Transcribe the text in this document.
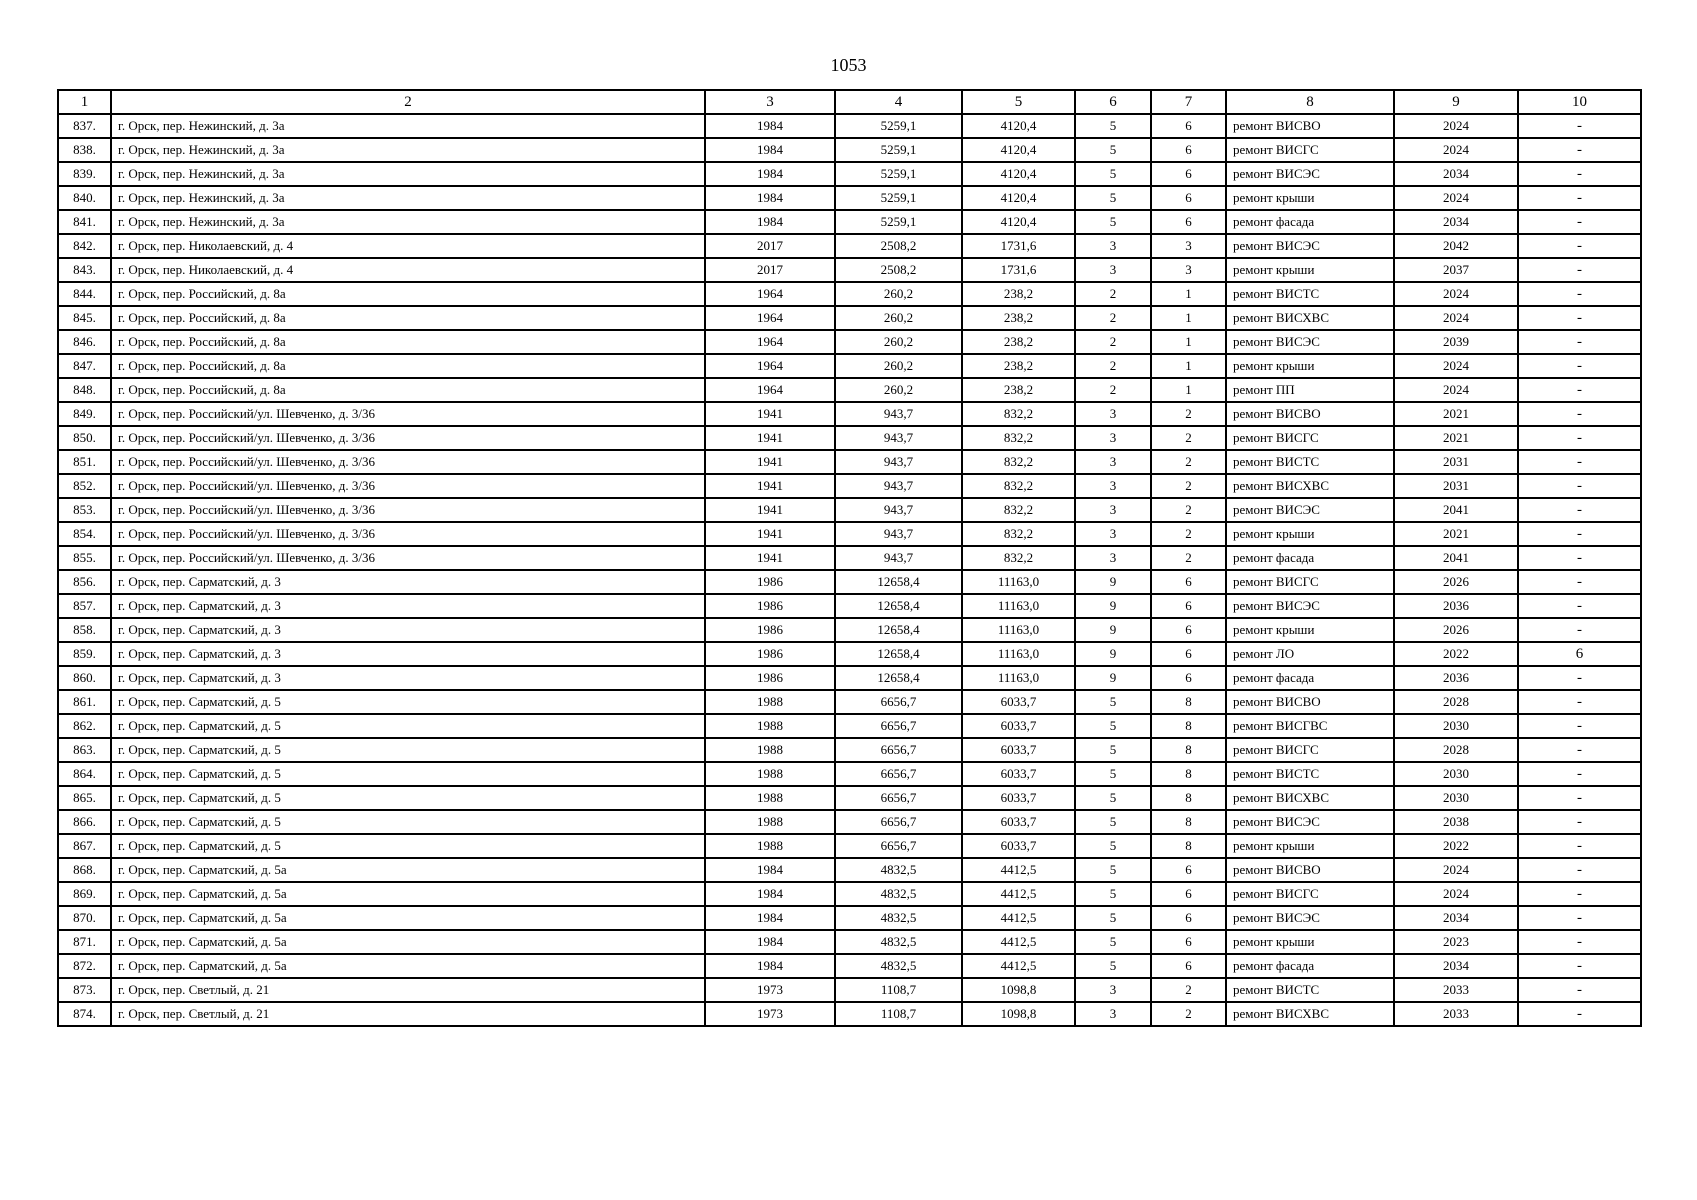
1053
1	2	3	4	5	6	7	8	9	10
837.	г. Орск, пер. Нежинский, д. 3а	1984	5259,1	4120,4	5	6	ремонт ВИСВО	2024	-
838.	г. Орск, пер. Нежинский, д. 3а	1984	5259,1	4120,4	5	6	ремонт ВИСГС	2024	-
839.	г. Орск, пер. Нежинский, д. 3а	1984	5259,1	4120,4	5	6	ремонт ВИСЭС	2034	-
840.	г. Орск, пер. Нежинский, д. 3а	1984	5259,1	4120,4	5	6	ремонт крыши	2024	-
841.	г. Орск, пер. Нежинский, д. 3а	1984	5259,1	4120,4	5	6	ремонт фасада	2034	-
842.	г. Орск, пер. Николаевский, д. 4	2017	2508,2	1731,6	3	3	ремонт ВИСЭС	2042	-
843.	г. Орск, пер. Николаевский, д. 4	2017	2508,2	1731,6	3	3	ремонт крыши	2037	-
844.	г. Орск, пер. Российский, д. 8а	1964	260,2	238,2	2	1	ремонт ВИСТС	2024	-
845.	г. Орск, пер. Российский, д. 8а	1964	260,2	238,2	2	1	ремонт ВИСХВС	2024	-
846.	г. Орск, пер. Российский, д. 8а	1964	260,2	238,2	2	1	ремонт ВИСЭС	2039	-
847.	г. Орск, пер. Российский, д. 8а	1964	260,2	238,2	2	1	ремонт крыши	2024	-
848.	г. Орск, пер. Российский, д. 8а	1964	260,2	238,2	2	1	ремонт ПП	2024	-
849.	г. Орск, пер. Российский/ул. Шевченко, д. 3/36	1941	943,7	832,2	3	2	ремонт ВИСВО	2021	-
850.	г. Орск, пер. Российский/ул. Шевченко, д. 3/36	1941	943,7	832,2	3	2	ремонт ВИСГС	2021	-
851.	г. Орск, пер. Российский/ул. Шевченко, д. 3/36	1941	943,7	832,2	3	2	ремонт ВИСТС	2031	-
852.	г. Орск, пер. Российский/ул. Шевченко, д. 3/36	1941	943,7	832,2	3	2	ремонт ВИСХВС	2031	-
853.	г. Орск, пер. Российский/ул. Шевченко, д. 3/36	1941	943,7	832,2	3	2	ремонт ВИСЭС	2041	-
854.	г. Орск, пер. Российский/ул. Шевченко, д. 3/36	1941	943,7	832,2	3	2	ремонт крыши	2021	-
855.	г. Орск, пер. Российский/ул. Шевченко, д. 3/36	1941	943,7	832,2	3	2	ремонт фасада	2041	-
856.	г. Орск, пер. Сарматский, д. 3	1986	12658,4	11163,0	9	6	ремонт ВИСГС	2026	-
857.	г. Орск, пер. Сарматский, д. 3	1986	12658,4	11163,0	9	6	ремонт ВИСЭС	2036	-
858.	г. Орск, пер. Сарматский, д. 3	1986	12658,4	11163,0	9	6	ремонт крыши	2026	-
859.	г. Орск, пер. Сарматский, д. 3	1986	12658,4	11163,0	9	6	ремонт ЛО	2022	6
860.	г. Орск, пер. Сарматский, д. 3	1986	12658,4	11163,0	9	6	ремонт фасада	2036	-
861.	г. Орск, пер. Сарматский, д. 5	1988	6656,7	6033,7	5	8	ремонт ВИСВО	2028	-
862.	г. Орск, пер. Сарматский, д. 5	1988	6656,7	6033,7	5	8	ремонт ВИСГВС	2030	-
863.	г. Орск, пер. Сарматский, д. 5	1988	6656,7	6033,7	5	8	ремонт ВИСГС	2028	-
864.	г. Орск, пер. Сарматский, д. 5	1988	6656,7	6033,7	5	8	ремонт ВИСТС	2030	-
865.	г. Орск, пер. Сарматский, д. 5	1988	6656,7	6033,7	5	8	ремонт ВИСХВС	2030	-
866.	г. Орск, пер. Сарматский, д. 5	1988	6656,7	6033,7	5	8	ремонт ВИСЭС	2038	-
867.	г. Орск, пер. Сарматский, д. 5	1988	6656,7	6033,7	5	8	ремонт крыши	2022	-
868.	г. Орск, пер. Сарматский, д. 5а	1984	4832,5	4412,5	5	6	ремонт ВИСВО	2024	-
869.	г. Орск, пер. Сарматский, д. 5а	1984	4832,5	4412,5	5	6	ремонт ВИСГС	2024	-
870.	г. Орск, пер. Сарматский, д. 5а	1984	4832,5	4412,5	5	6	ремонт ВИСЭС	2034	-
871.	г. Орск, пер. Сарматский, д. 5а	1984	4832,5	4412,5	5	6	ремонт крыши	2023	-
872.	г. Орск, пер. Сарматский, д. 5а	1984	4832,5	4412,5	5	6	ремонт фасада	2034	-
873.	г. Орск, пер. Светлый, д. 21	1973	1108,7	1098,8	3	2	ремонт ВИСТС	2033	-
874.	г. Орск, пер. Светлый, д. 21	1973	1108,7	1098,8	3	2	ремонт ВИСХВС	2033	-
